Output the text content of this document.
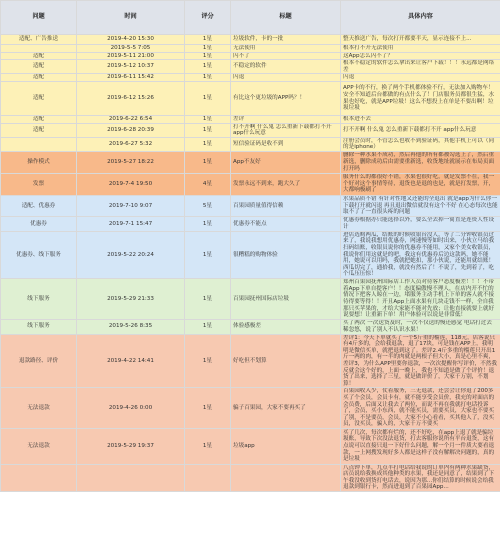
问题	时间	评分	标题	具体内容
适配、广告推送	2019-4-20 15:30	1星	垃圾软件，卡的一批	整天推送广告，每次打开都要半天，显示连接不上...
	2019-5-5 7:05	1星	无法使用	根本打不开无法使用
适配	2019-5-11 21:00	1星	闪不了	这App怎么闪不了？
适配	2019-5-12 10:37	1星	不稳定的软件	根本不稳定的软件怎么拿出来让客户下载！！！永远都是网络差
适配	2019-6-11 15:42	1星	闪退	闪退
适配	2019-6-12 15:26	1星	有比这个更垃圾的APP吗？！	APP卡的不行，换了两个手机都体验不行，无法加入购物车！安全不知道后台都做的有点什么了！门店服务员都很生猛，水果也好吃，就是APP垃圾！这么不想投上在单是不要出啊！垃圾垃圾
适配	2019-6-22 6:54	1星	差评	根本进不去
适配	2019-6-28 20:39	1星	打不开啊 什么鬼 怎么重新下载都打不开 app什么玩意	打不开啊 什么鬼 怎么重新下载都打不开 app什么玩意
	2019-6-27 5:32	1星	短信验证码是收不到	注册会员时，不管怎么也收不到验证码，其他手机上可以（同的是iphone）
操作模式	2019-5-27 18:22	1星	App不友好	删除一种水果不成功，然后再他的所有都被勾选上了，然后重新选，删除成功后由需要重新选，收货地址就展示在布局页面打开吗
发票	2019-7-4 19:50	4星	发票永远不到来，跑大久了	服务什么的都很好不错，水果也很好吃，就是发票不在，我一个好对这个事情等待，退货也是退的也是，就是打发票，开，大都响极刷了
适配、优惠券	2019-7-10 9:07	5星	百果园质量值得信赖	水果品质不错 有针对性地又还能的全退出 就是app为什么你一下载打开就闪退 再且退出微信就没有这个不好 在心态每次也能取不了了一直很头疼的问题
优惠券	2019-7-1 15:47	1星	优惠券不能点	优惠券根据办只能选择以外，要么全去掉一简直是连资人性设计
优惠券、线下服务	2019-5-22 20:24	1星	很糟糕的购物体验	进店选购两瓜，结账的时候收银台没人，等了二分钟收银员过来了，我说我想用优惠券，网速慢等如时出来，小伙立马给我扫码结账，收银员说你的优惠券不能用，又家个美女收银员，我说你们用这就是的吧，我这有优惠券后边这款吗，她不能用，她说可以用吗，我就把她扣，那小伙说，还能用就结账！西瓜切完了，通拾我，就没有然后了！不说了，先到着了，吃个瓜压压惊！
线下服务	2019-5-29 21:33	1星	百果园抚州国际店垃圾	郑州百果园抚州国际店工作人员对待客户态度极差！！！不带着App下单自提客户！！态度偏傲慢不理人，在店内开不忙的情况下把客人晾在一边，堵服务主动手机上下单的客人就不接待得要等得！！开且App上面水果有几块走钱不一样，全自我那只买苹果的，才给大家能不能对先放；让他直接就要上就好说要想！让重新下单！用户体验可以说是非常低！
线下服务	2019-5-26 8:35	1星	体验感极差	买了两次 一次送货及时，一次不仅送的慢还感觉 电话打过去 稀忽悠，说了别人不认识水果！
退款路径、评价	2019-4-22 14:41	1星	好吃但不划算	差评1：今天下单就买了一个5斤重的榴莲，118元，店客说只有4斤多的，会给我退款，退了17块，可是钱在APP上，我明明是微信买单，就把退到这了。差评2.4斤多重的榴莲只开出1斤一两的肉，有一半的肉就是两根子但大小，真是心里不爽，差评3，为什么APP里要你退款，一次次提醒你写评价，不然我反就会这个好的，上面一晚上，我也不知道是做了个评价！退货了出来，选择了三星，就是做评价了，大家千万别，不划算！
无法退款	2019-4-26 0:00	1星	骗子百果园，大家不要再买了	百果园收入少，仗着服务，三无退款，还尝会让你退了200多买了个会员，会员卡有，就不能享受会员价，我充的对面店的会员费，后面又让我去了两位，而说不再在我就打电话投诉了，会员，买小东西，就不能买员，需要买员，大家也不要买了别，不是要员，会员，大家不小心看看，买其他人了，没买员，没买员，骗人的，大家千万不要买
无法退款	2019-5-29 19:37	1星	垃圾app	买了几次，每次都有烂的，还不好吃，在app上退了就是骗垃圾账，导致下次没法退货，打去客服你说所有平台退货，这有点说可以直接只退一下好什么问题，解一个月一件质大要看退款，一上网搜发现好多人都是这样子没有解解决问题的，真的是垃圾
				八点钟下单，九点半打电话给我说的订单内有两种水果缺货，店员说给我换成其他种类的水果，我还是同意了，结果到了下午我没收到货打电话去，说因为那...你们结算的时候说会给我退款到银行卡，然而进退到了百果园App...
